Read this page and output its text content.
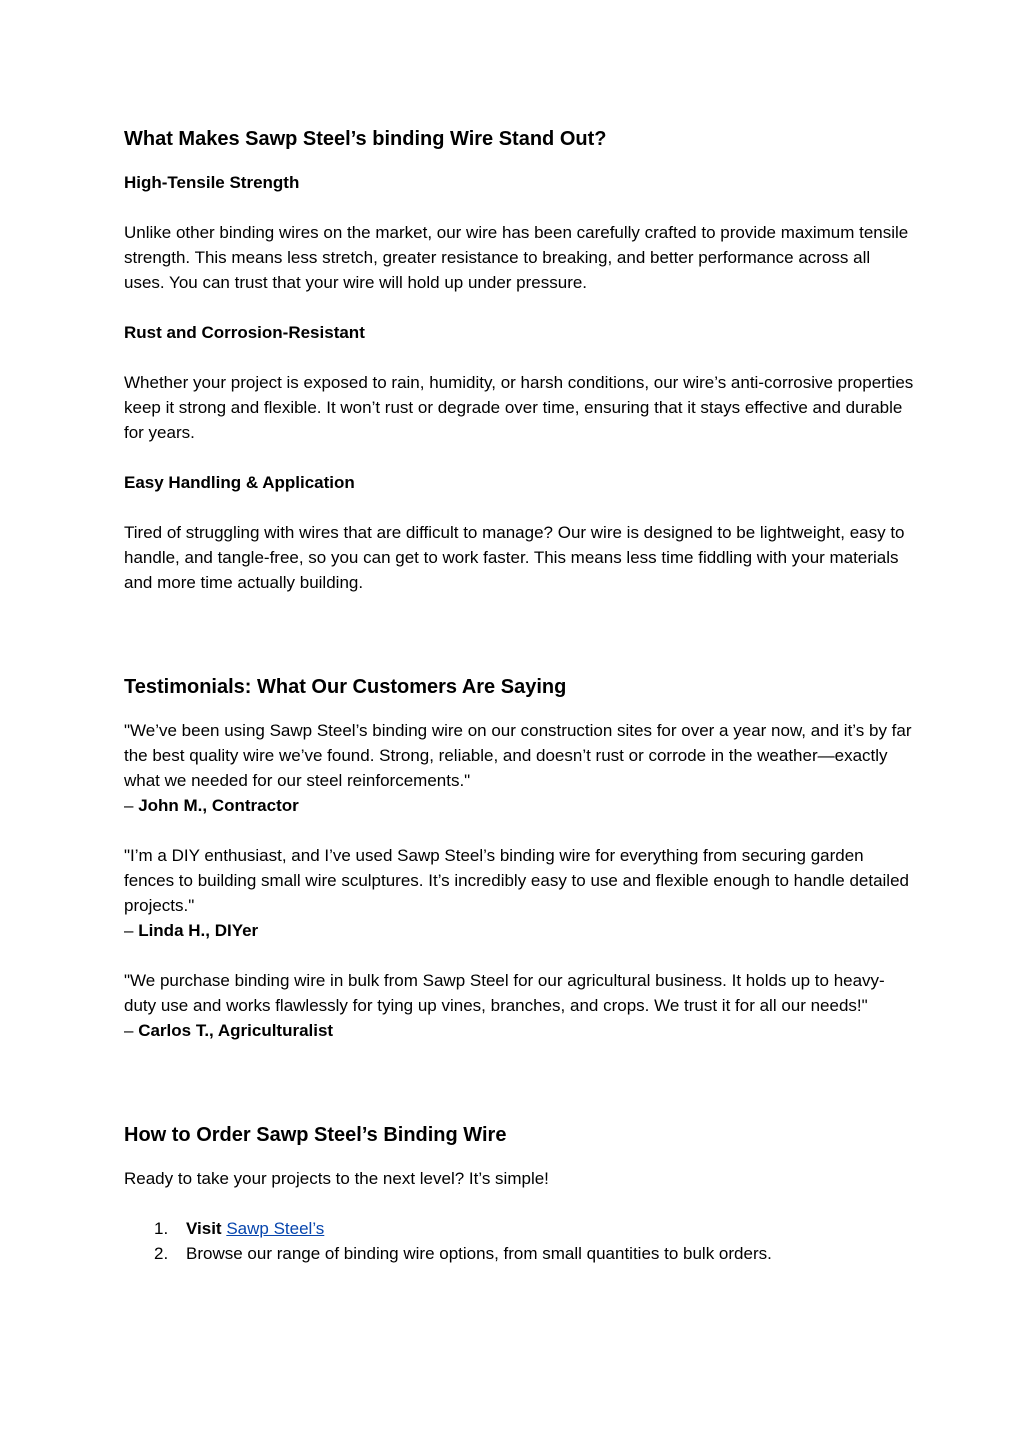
What Makes Sawp Steel’s binding Wire Stand Out?
High-Tensile Strength

Unlike other binding wires on the market, our wire has been carefully crafted to provide maximum tensile strength. This means less stretch, greater resistance to breaking, and better performance across all uses. You can trust that your wire will hold up under pressure.

Rust and Corrosion-Resistant

Whether your project is exposed to rain, humidity, or harsh conditions, our wire’s anti-corrosive properties keep it strong and flexible. It won’t rust or degrade over time, ensuring that it stays effective and durable for years.

Easy Handling & Application

Tired of struggling with wires that are difficult to manage? Our wire is designed to be lightweight, easy to handle, and tangle-free, so you can get to work faster. This means less time fiddling with your materials and more time actually building.

Testimonials: What Our Customers Are Saying

"We’ve been using Sawp Steel’s binding wire on our construction sites for over a year now, and it’s by far the best quality wire we’ve found. Strong, reliable, and doesn’t rust or corrode in the weather—exactly what we needed for our steel reinforcements."

– John M., Contractor

"I’m a DIY enthusiast, and I’ve used Sawp Steel’s binding wire for everything from securing garden fences to building small wire sculptures. It’s incredibly easy to use and flexible enough to handle detailed projects."

– Linda H., DIYer

"We purchase binding wire in bulk from Sawp Steel for our agricultural business. It holds up to heavy-duty use and works flawlessly for tying up vines, branches, and crops. We trust it for all our needs!"

– Carlos T., Agriculturalist

How to Order Sawp Steel’s Binding Wire

Ready to take your projects to the next level? It’s simple!

1. Visit Sawp Steel’s
2. Browse our range of binding wire options, from small quantities to bulk orders.
